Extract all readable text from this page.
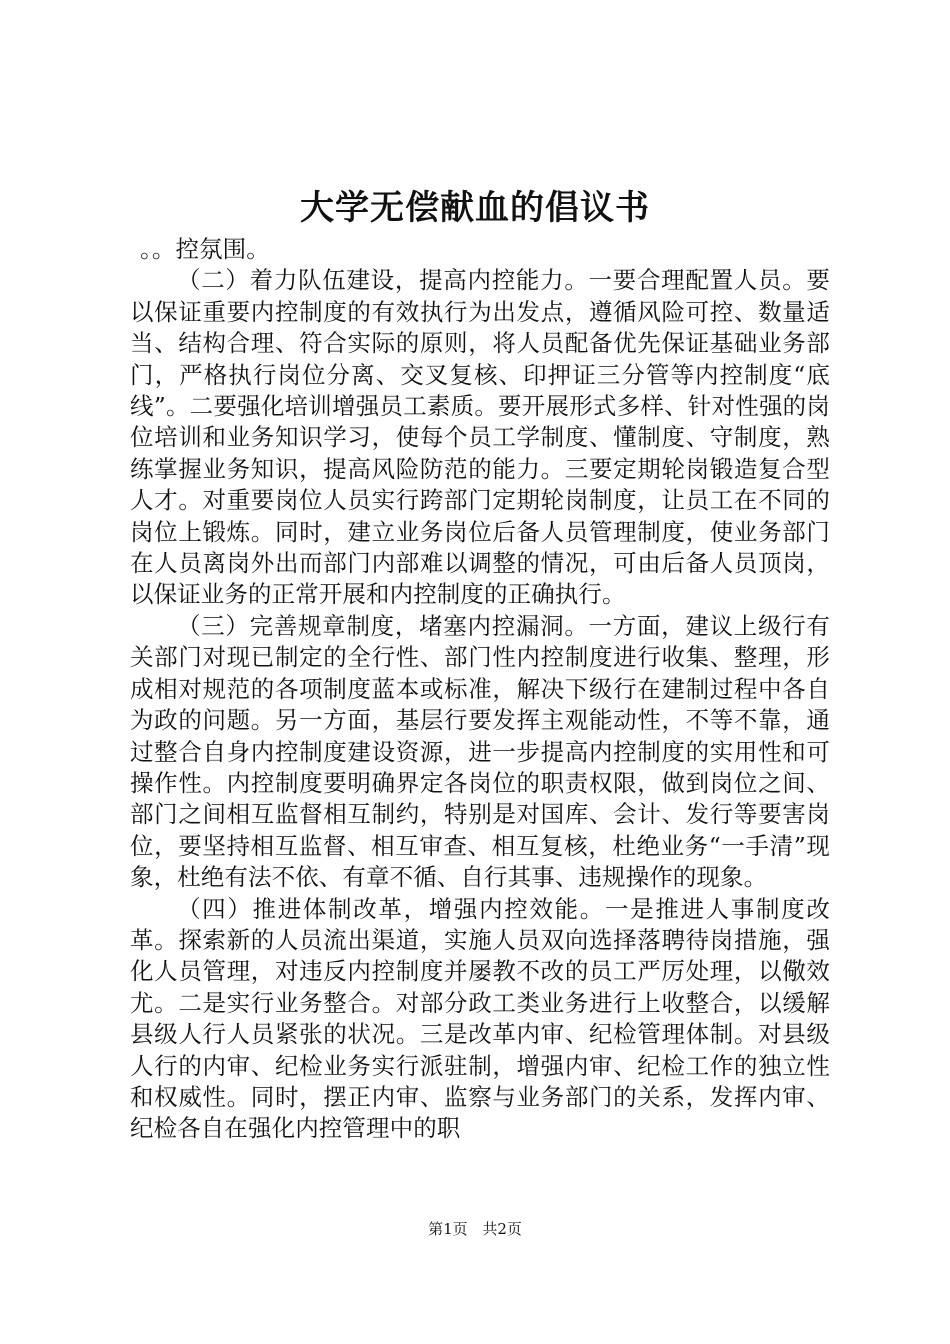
大学无偿献血的倡议书

。。控氛围。

（二）着力队伍建设，提高内控能力。一要合理配置人员。要以保证重要内控制度的有效执行为出发点，遵循风险可控、数量适当、结构合理、符合实际的原则，将人员配备优先保证基础业务部门，严格执行岗位分离、交叉复核、印押证三分管等内控制度“底线”。二要强化培训增强员工素质。要开展形式多样、针对性强的岗位培训和业务知识学习，使每个员工学制度、懂制度、守制度，熟练掌握业务知识，提高风险防范的能力。三要定期轮岗锻造复合型人才。对重要岗位人员实行跨部门定期轮岗制度，让员工在不同的岗位上锻炼。同时，建立业务岗位后备人员管理制度，使业务部门在人员离岗外出而部门内部难以调整的情况，可由后备人员顶岗，以保证业务的正常开展和内控制度的正确执行。

（三）完善规章制度，堵塞内控漏洞。一方面，建议上级行有关部门对现已制定的全行性、部门性内控制度进行收集、整理，形成相对规范的各项制度蓝本或标准，解决下级行在建制过程中各自为政的问题。另一方面，基层行要发挥主观能动性，不等不靠，通过整合自身内控制度建设资源，进一步提高内控制度的实用性和可操作性。内控制度要明确界定各岗位的职责权限，做到岗位之间、部门之间相互监督相互制约，特别是对国库、会计、发行等要害岗位，要坚持相互监督、相互审查、相互复核，杜绝业务“一手清”现象，杜绝有法不依、有章不循、自行其事、违规操作的现象。

（四）推进体制改革，增强内控效能。一是推进人事制度改革。探索新的人员流出渠道，实施人员双向选择落聘待岗措施，强化人员管理，对违反内控制度并屡教不改的员工严厉处理，以儆效尤。二是实行业务整合。对部分政工类业务进行上收整合，以缓解县级人行人员紧张的状况。三是改革内审、纪检管理体制。对县级人行的内审、纪检业务实行派驻制，增强内审、纪检工作的独立性和权威性。同时，摆正内审、监察与业务部门的关系，发挥内审、纪检各自在强化内控管理中的职

第1页 共2页
